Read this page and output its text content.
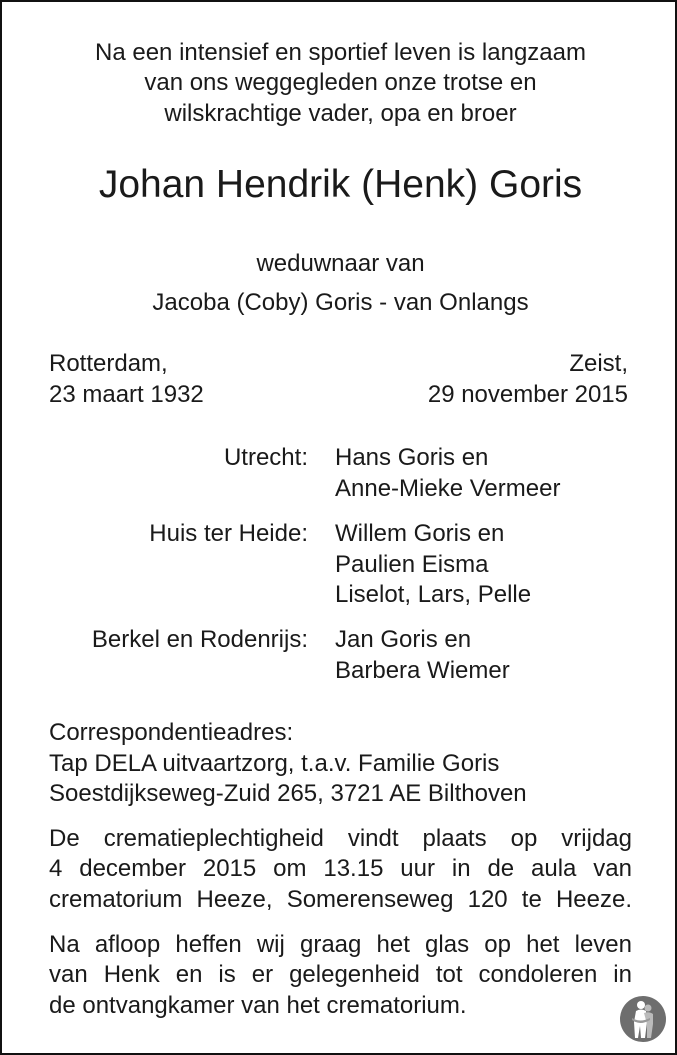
Na een intensief en sportief leven is langzaam
van ons weggegleden onze trotse en
wilskrachtige vader, opa en broer
Johan Hendrik (Henk) Goris
weduwnaar van
Jacoba (Coby) Goris - van Onlangs
Rotterdam,
23 maart 1932
Zeist,
29 november 2015
Utrecht: Hans Goris en
Anne-Mieke Vermeer
Huis ter Heide: Willem Goris en
Paulien Eisma
Liselot, Lars, Pelle
Berkel en Rodenrijs: Jan Goris en
Barbera Wiemer
Correspondentieadres:
Tap DELA uitvaartzorg, t.a.v. Familie Goris
Soestdijkseweg-Zuid 265, 3721 AE Bilthoven
De crematieplechtigheid vindt plaats op vrijdag
4 december 2015 om 13.15 uur in de aula van
crematorium Heeze, Somerenseweg 120 te Heeze.
Na afloop heffen wij graag het glas op het leven
van Henk en is er gelegenheid tot condoleren in
de ontvangkamer van het crematorium.
